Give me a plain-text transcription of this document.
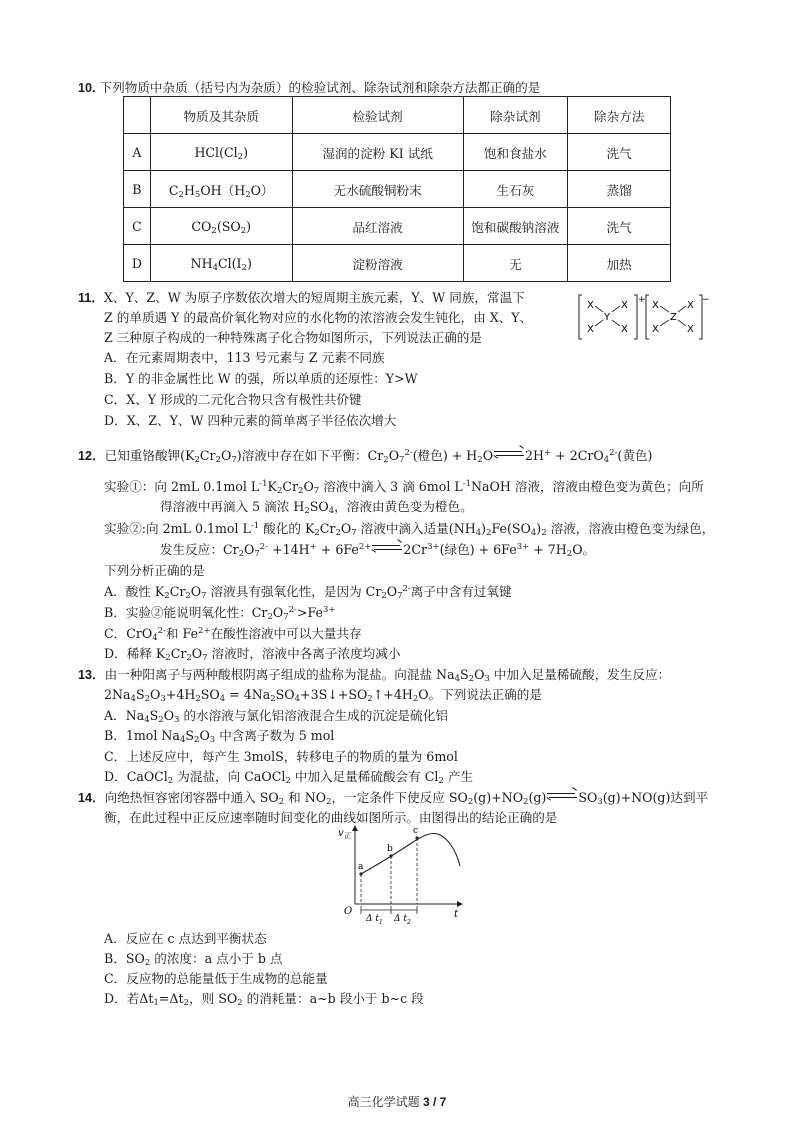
10. 下列物质中杂质（括号内为杂质）的检验试剂、除杂试剂和除杂方法都正确的是
	物质及其杂质	检验试剂	除杂试剂	除杂方法
A	$HCl(Cl_2)$	湿润的淀粉 KI 试纸	饱和食盐水	洗气
B	$C_2H_5OH(H_2O)$	无水硫酸铜粉末	生石灰	蒸馏
C	$CO_2(SO_2)$	品红溶液	饱和碳酸钠溶液	洗气
D	$NH_4Cl(I_2)$	淀粉溶液	无	加热
11．X、Y、Z、W 为原子序数依次增大的短周期主族元素，Y、W 同族，常温下
Z 的单质遇 Y 的最高价氧化物对应的水化物的浓溶液会发生钝化，由 X、Y、
Z 三种原子构成的一种特殊离子化合物如图所示，下列说法正确的是
A．在元素周期表中，113 号元素与 Z 元素不同族
B．Y 的非金属性比 W 的强，所以单质的还原性：Y>W
C．X、Y 形成的二元化合物只含有极性共价键
D．X、Z、Y、W 四种元素的简单离子半径依次增大
X
X
Y
X
X
+ X
X
Z
X
X
−
12．已知重铬酸钾$(K_2Cr_2O_7)$溶液中存在如下平衡：$Cr_2O_7^{2-}$(橙色) + $H_2O$	2H+ + 2CrO$_4^{2-}$(黄色)
实验①：向 2mL 0.1mol $L^{-1}K_2Cr_2O_7$ 溶液中滴入 3 滴 6mol $L^{-1}NaOH$ 溶液，溶液由橙色变为黄色；向所
得溶液中再滴入 5 滴浓 $H_2SO_4$，溶液由黄色变为橙色。
实验②:向 2mL 0.1mol $L^{-1}$ 酸化的 $K_2Cr_2O_7$ 溶液中滴入适量$(NH_4)_2Fe(SO_4)_2$ 溶液，溶液由橙色变为绿色，
发生反应：$Cr_2O_7^{2-} +14H^+ + 6Fe^{2+}$	$2Cr^{3+}$(绿色) + $6Fe^{3+} + 7H_2O$。
下列分析正确的是
A．酸性 $K_2Cr_2O_7$ 溶液具有强氧化性，是因为 $Cr_2O_7^{2-}$离子中含有过氧键
B．实验②能说明氧化性：$Cr_2O_7^{2-}>Fe^{3+}$
C．CrO$_4^{2-}$和 $Fe^{2+}$在酸性溶液中可以大量共存
D．稀释 $K_2Cr_2O_7$ 溶液时，溶液中各离子浓度均减小
13．由一种阳离子与两种酸根阴离子组成的盐称为混盐。向混盐 $Na_4S_2O_3$ 中加入足量稀硫酸，发生反应：
$2Na_4S_2O_3+4H_2SO_4$ = $4Na_2SO_4+3S↓+SO_2↑+4H_2O$。下列说法正确的是
A．$Na_4S_2O_3$ 的水溶液与氯化铝溶液混合生成的沉淀是硫化铝
B．1mol $Na_4S_2O_3$ 中含离子数为 5 mol
C．上述反应中，每产生 3molS，转移电子的物质的量为 6mol
D．CaOCl$_2$ 为混盐，向 CaOCl$_2$ 中加入足量稀硫酸会有 $Cl_2$ 产生
14．向绝热恒容密闭容器中通入 $SO_2$ 和 $NO_2$，一定条件下使反应 $SO_2(g)+NO_2(g)$	$SO_3(g)+NO(g)$达到平
衡，在此过程中正反应速率随时间变化的曲线如图所示。由图得出的结论正确的是
$v_正$
t
O
a
b
c
Δ $t_1$ Δ $t_2$
A．反应在 c 点达到平衡状态
B．$SO_2$ 的浓度：a 点小于 b 点
C．反应物的总能量低于生成物的总能量
D．若$\Delta t_1=\Delta t_2$，则 $SO_2$ 的消耗量：a~b 段小于 b~c 段
高三化学试题 3 / 7
